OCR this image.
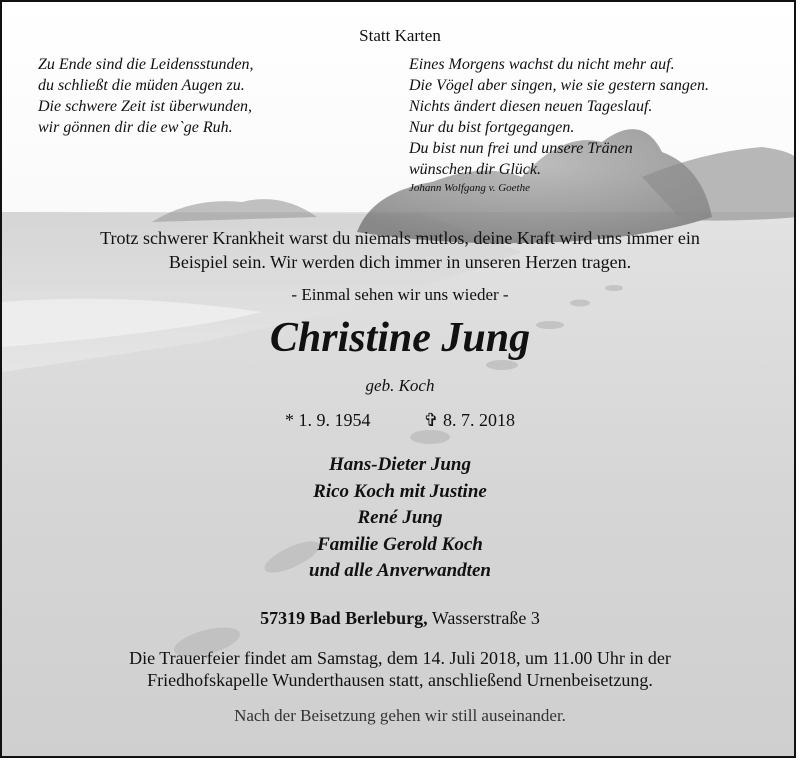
Statt Karten
Zu Ende sind die Leidensstunden,
du schließt die müden Augen zu.
Die schwere Zeit ist überwunden,
wir gönnen dir die ew`ge Ruh.
Eines Morgens wachst du nicht mehr auf.
Die Vögel aber singen, wie sie gestern sangen.
Nichts ändert diesen neuen Tageslauf.
Nur du bist fortgegangen.
Du bist nun frei und unsere Tränen
wünschen dir Glück.
Johann Wolfgang v. Goethe
Trotz schwerer Krankheit warst du niemals mutlos, deine Kraft wird uns immer ein
Beispiel sein. Wir werden dich immer in unseren Herzen tragen.
- Einmal sehen wir uns wieder -
Christine Jung
geb. Koch
* 1. 9. 1954	✞ 8. 7. 2018
Hans-Dieter Jung
Rico Koch mit Justine
René Jung
Familie Gerold Koch
und alle Anverwandten
57319 Bad Berleburg, Wasserstraße 3
Die Trauerfeier findet am Samstag, dem 14. Juli 2018, um 11.00 Uhr in der
Friedhofskapelle Wunderthausen statt, anschließend Urnenbeisetzung.
Nach der Beisetzung gehen wir still auseinander.
